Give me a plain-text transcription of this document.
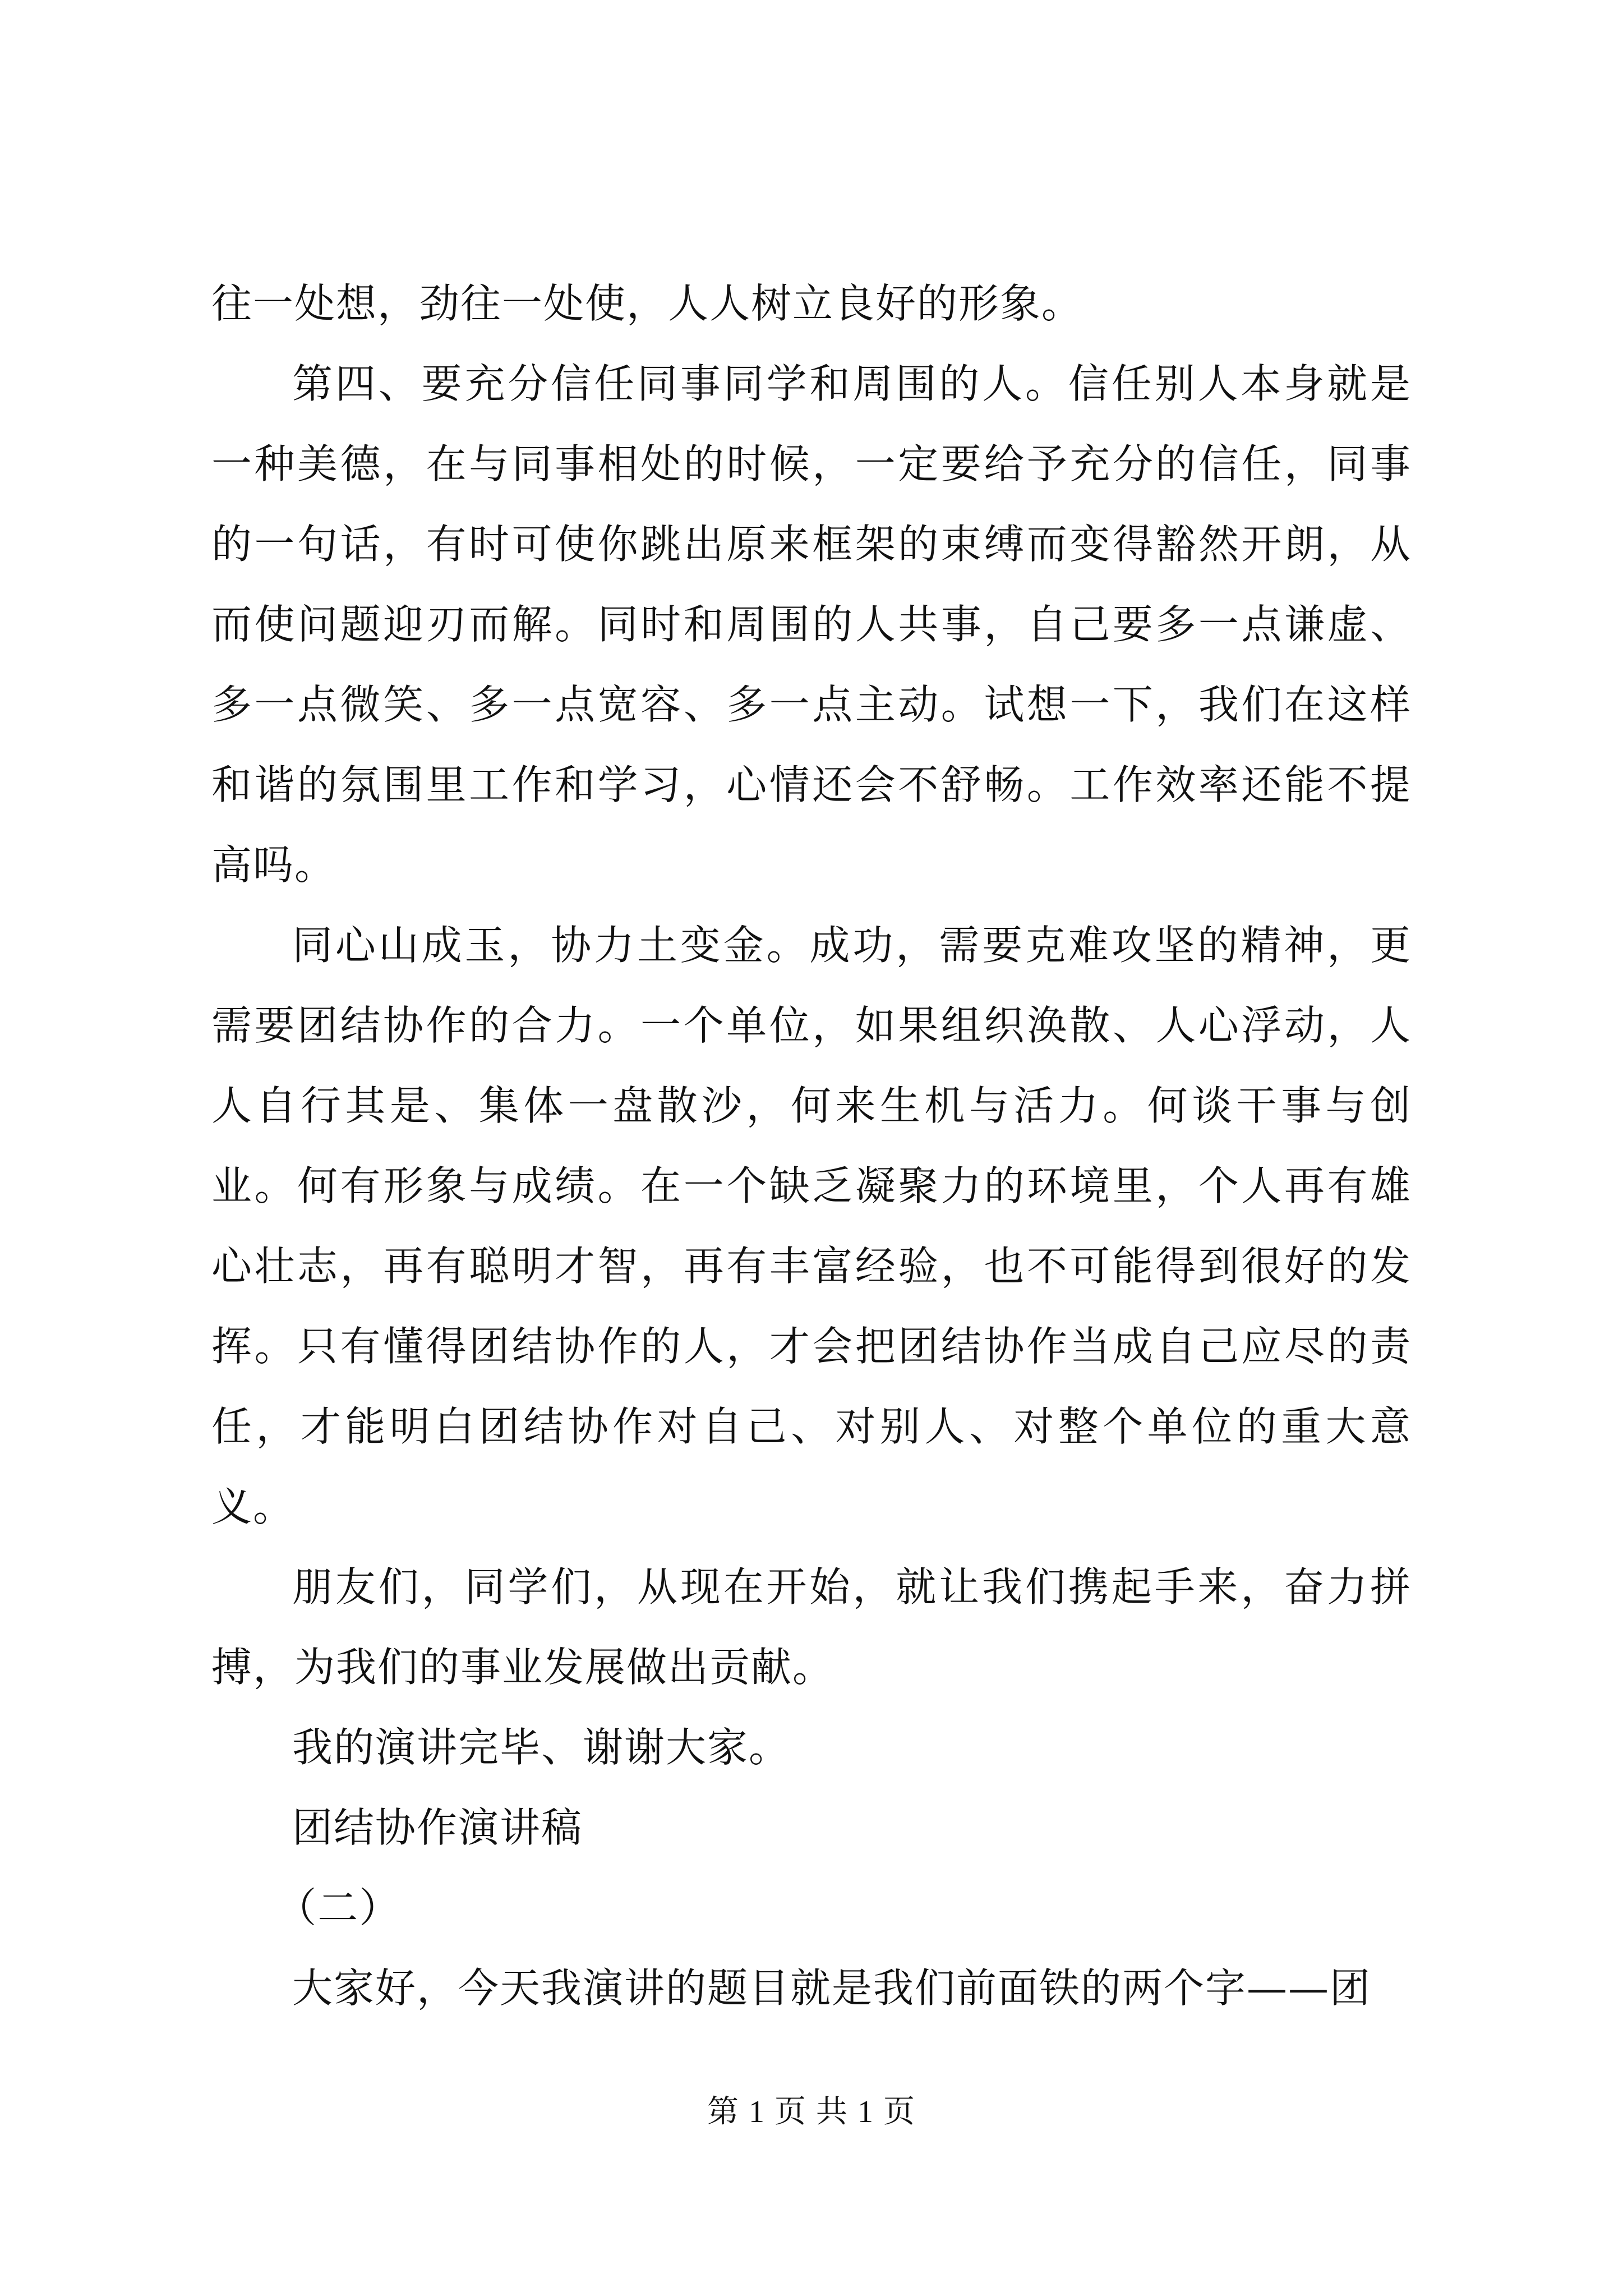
往一处想，劲往一处使，人人树立良好的形象。

第四、要充分信任同事同学和周围的人。信任别人本身就是一种美德，在与同事相处的时候，一定要给予充分的信任，同事的一句话，有时可使你跳出原来框架的束缚而变得豁然开朗，从而使问题迎刃而解。同时和周围的人共事，自己要多一点谦虚、多一点微笑、多一点宽容、多一点主动。试想一下，我们在这样和谐的氛围里工作和学习，心情还会不舒畅。工作效率还能不提高吗。

同心山成玉，协力土变金。成功，需要克难攻坚的精神，更需要团结协作的合力。一个单位，如果组织涣散、人心浮动，人人自行其是、集体一盘散沙，何来生机与活力。何谈干事与创业。何有形象与成绩。在一个缺乏凝聚力的环境里，个人再有雄心壮志，再有聪明才智，再有丰富经验，也不可能得到很好的发挥。只有懂得团结协作的人，才会把团结协作当成自己应尽的责任，才能明白团结协作对自己、对别人、对整个单位的重大意义。

朋友们，同学们，从现在开始，就让我们携起手来，奋力拼搏，为我们的事业发展做出贡献。

我的演讲完毕、谢谢大家。

团结协作演讲稿

（二）

大家好，今天我演讲的题目就是我们前面铁的两个字——团

第 1 页 共 1 页
